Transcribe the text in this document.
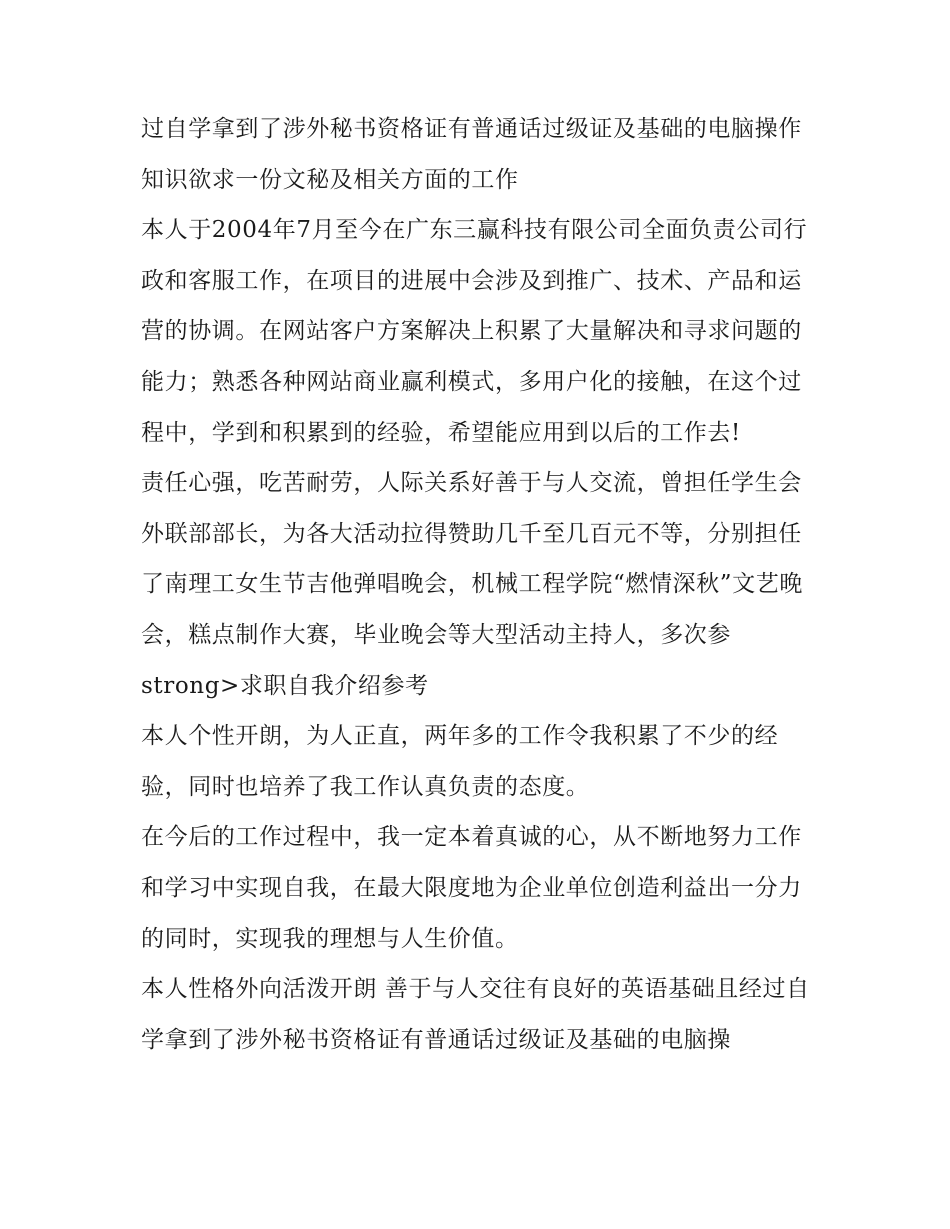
过自学拿到了涉外秘书资格证有普通话过级证及基础的电脑操作知识欲求一份文秘及相关方面的工作

本人于2004年7月至今在广东三赢科技有限公司全面负责公司行政和客服工作，在项目的进展中会涉及到推广、技术、产品和运营的协调。在网站客户方案解决上积累了大量解决和寻求问题的能力；熟悉各种网站商业赢利模式，多用户化的接触，在这个过程中，学到和积累到的经验，希望能应用到以后的工作去!

责任心强，吃苦耐劳，人际关系好善于与人交流，曾担任学生会外联部部长，为各大活动拉得赞助几千至几百元不等，分别担任了南理工女生节吉他弹唱晚会，机械工程学院“燃情深秋”文艺晚会，糕点制作大赛，毕业晚会等大型活动主持人，多次参strong>求职自我介绍参考

本人个性开朗，为人正直，两年多的工作令我积累了不少的经验，同时也培养了我工作认真负责的态度。

在今后的工作过程中，我一定本着真诚的心，从不断地努力工作和学习中实现自我，在最大限度地为企业单位创造利益出一分力的同时，实现我的理想与人生价值。

本人性格外向活泼开朗 善于与人交往有良好的英语基础且经过自学拿到了涉外秘书资格证有普通话过级证及基础的电脑操
